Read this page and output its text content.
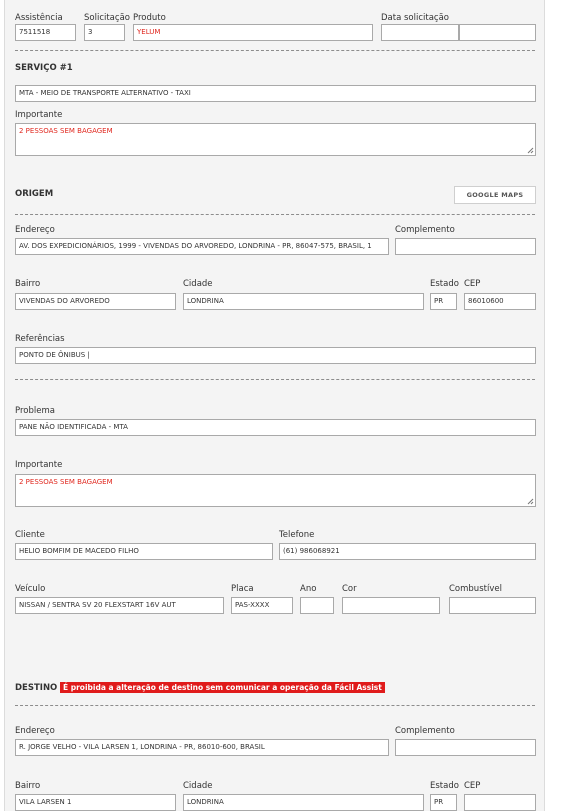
Assistência
7511518
Solicitação
3
Produto
YELUM
Data solicitação
SERVIÇO #1
MTA - MEIO DE TRANSPORTE ALTERNATIVO - TAXI
Importante
2 PESSOAS SEM BAGAGEM
ORIGEM	GOOGLE MAPS
Endereço
AV. DOS EXPEDICIONÁRIOS, 1999 - VIVENDAS DO ARVOREDO, LONDRINA - PR, 86047-575, BRASIL, 1
Complemento
Bairro
VIVENDAS DO ARVOREDO
Cidade
LONDRINA
Estado
PR
CEP
86010600
Referências
PONTO DE ÔNIBUS |
Problema
PANE NÃO IDENTIFICADA - MTA
Importante
2 PESSOAS SEM BAGAGEM
Cliente
HELIO BOMFIM DE MACEDO FILHO
Telefone
(61) 986068921
Veículo
NISSAN / SENTRA SV 20 FLEXSTART 16V AUT
Placa
PAS-XXXX
Ano	Cor	Combustível
DESTINO É proibida a alteração de destino sem comunicar a operação da Fácil Assist
Endereço
R. JORGE VELHO - VILA LARSEN 1, LONDRINA - PR, 86010-600, BRASIL
Complemento
Bairro
VILA LARSEN 1
Cidade
LONDRINA
Estado
PR
CEP
